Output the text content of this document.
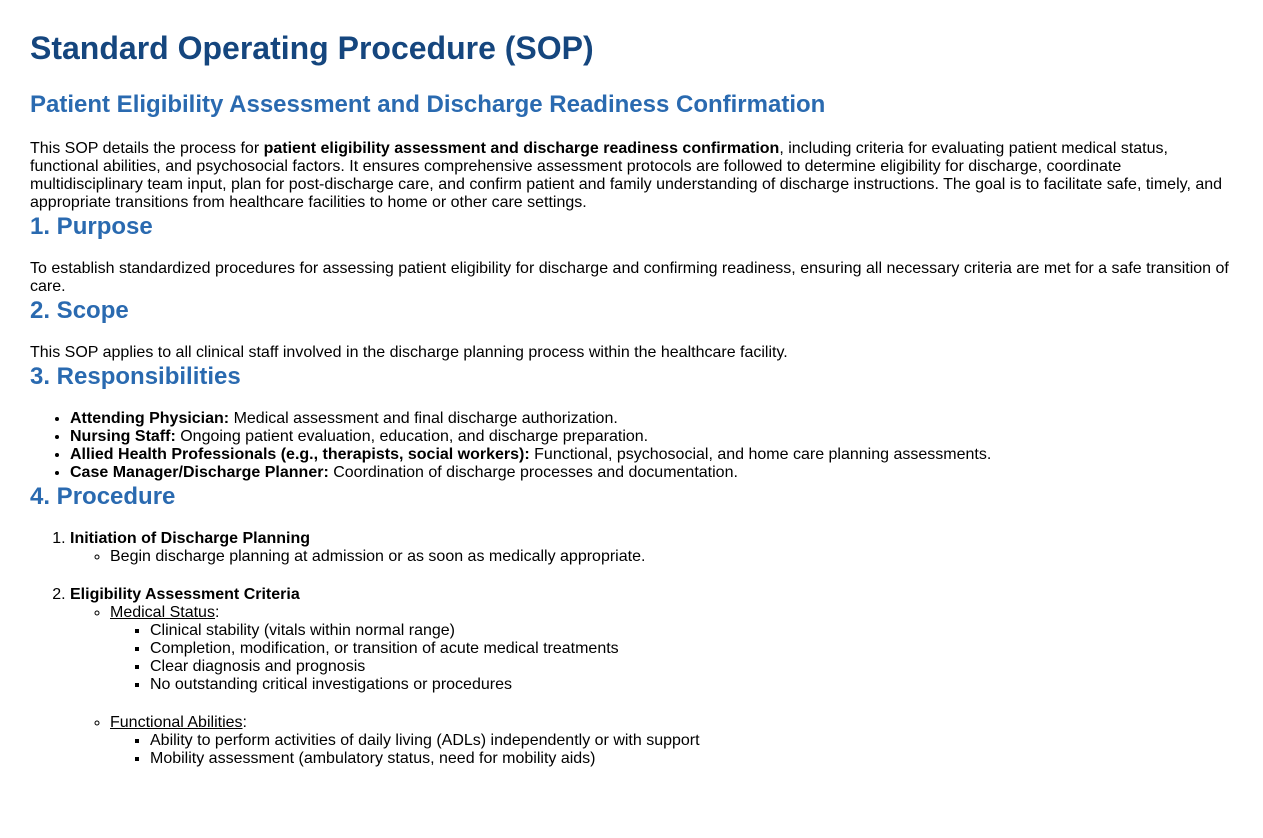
Standard Operating Procedure (SOP)
Patient Eligibility Assessment and Discharge Readiness Confirmation

This SOP details the process for patient eligibility assessment and discharge readiness confirmation, including criteria for evaluating patient medical status, functional abilities, and psychosocial factors. It ensures comprehensive assessment protocols are followed to determine eligibility for discharge, coordinate multidisciplinary team input, plan for post-discharge care, and confirm patient and family understanding of discharge instructions. The goal is to facilitate safe, timely, and appropriate transitions from healthcare facilities to home or other care settings.

1. Purpose

To establish standardized procedures for assessing patient eligibility for discharge and confirming readiness, ensuring all necessary criteria are met for a safe transition of care.

2. Scope

This SOP applies to all clinical staff involved in the discharge planning process within the healthcare facility.

3. Responsibilities
• Attending Physician: Medical assessment and final discharge authorization.
• Nursing Staff: Ongoing patient evaluation, education, and discharge preparation.
• Allied Health Professionals (e.g., therapists, social workers): Functional, psychosocial, and home care planning assessments.
• Case Manager/Discharge Planner: Coordination of discharge processes and documentation.
4. Procedure
1. Initiation of Discharge Planning
◦ Begin discharge planning at admission or as soon as medically appropriate.
2. Eligibility Assessment Criteria
◦ Medical Status:
▪ Clinical stability (vitals within normal range)
▪ Completion, modification, or transition of acute medical treatments
▪ Clear diagnosis and prognosis
▪ No outstanding critical investigations or procedures
◦ Functional Abilities:
▪ Ability to perform activities of daily living (ADLs) independently or with support
▪ Mobility assessment (ambulatory status, need for mobility aids)
